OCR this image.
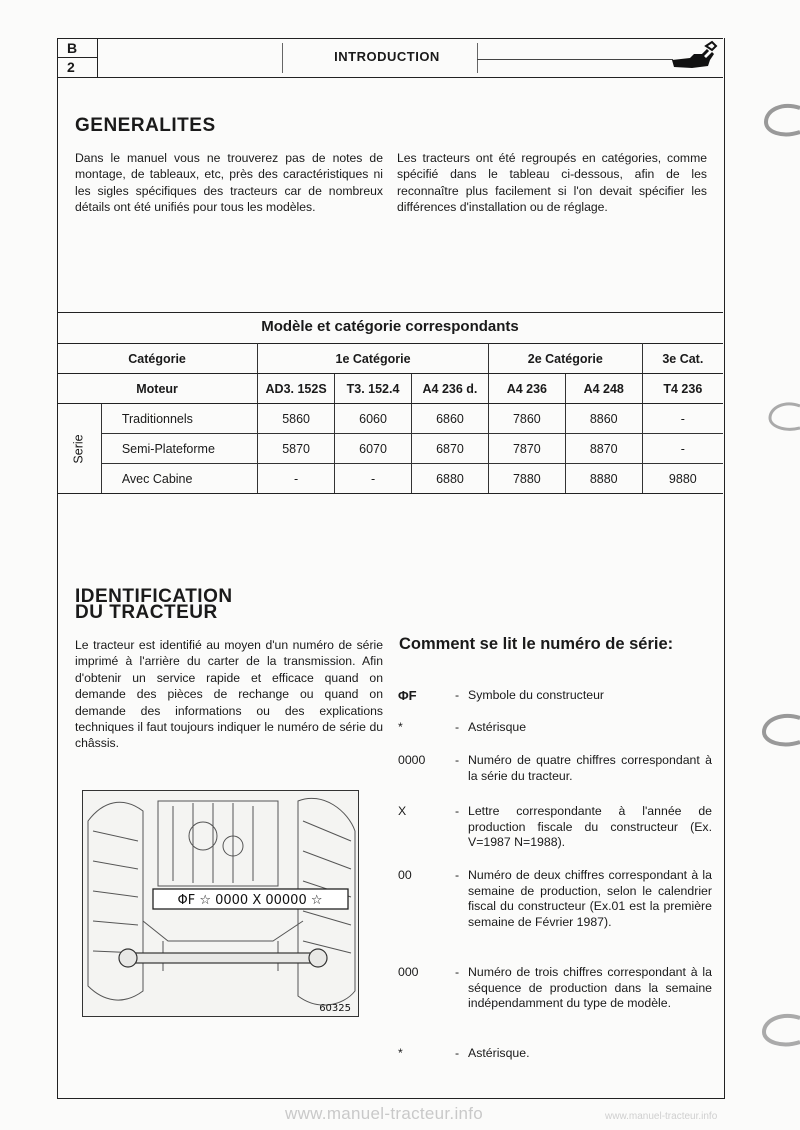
B
2
INTRODUCTION
GENERALITES
Dans le manuel vous ne trouverez pas de notes de montage, de tableaux, etc, près des caractéristiques ni les sigles spécifiques des tracteurs car de nombreux détails ont été unifiés pour tous les modèles.
Les tracteurs ont été regroupés en catégories, comme spécifié dans le tableau ci-dessous, afin de les reconnaître plus facilement si l'on devait spécifier les différences d'installation ou de réglage.
Modèle et catégorie correspondants
Catégorie		1e Catégorie			2e Catégorie		3e Cat.
Moteur		AD3. 152S	T3. 152.4	A4 236 d.	A4 236	A4 248	T4 236
Serie	Traditionnels	5860	6060	6860	7860	8860	-
	Semi-Plateforme	5870	6070	6870	7870	8870	-
	Avec Cabine	-	-	6880	7880	8880	9880
IDENTIFICATION
DU TRACTEUR
Le tracteur est identifié au moyen d'un numéro de série imprimé à l'arrière du carter de la transmission. Afin d'obtenir un service rapide et efficace quand on demande des pièces de rechange ou quand on demande des informations ou des explications techniques il faut toujours indiquer le numéro de série du châssis.
ΦF ☆ 0000 X 00000 ☆
60325
Comment se lit le numéro de série:
ΦF	- Symbole du constructeur
*	- Astérisque
0000	- Numéro de quatre chiffres correspondant à la série du tracteur.
X	- Lettre correspondante à l'année de production fiscale du constructeur (Ex. V=1987 N=1988).
00	- Numéro de deux chiffres correspondant à la semaine de production, selon le calendrier fiscal du constructeur (Ex.01 est la première semaine de Février 1987).
000	- Numéro de trois chiffres correspondant à la séquence de production dans la semaine indépendamment du type de modèle.
*	- Astérisque.
www.manuel-tracteur.info	www.manuel-tracteur.info
